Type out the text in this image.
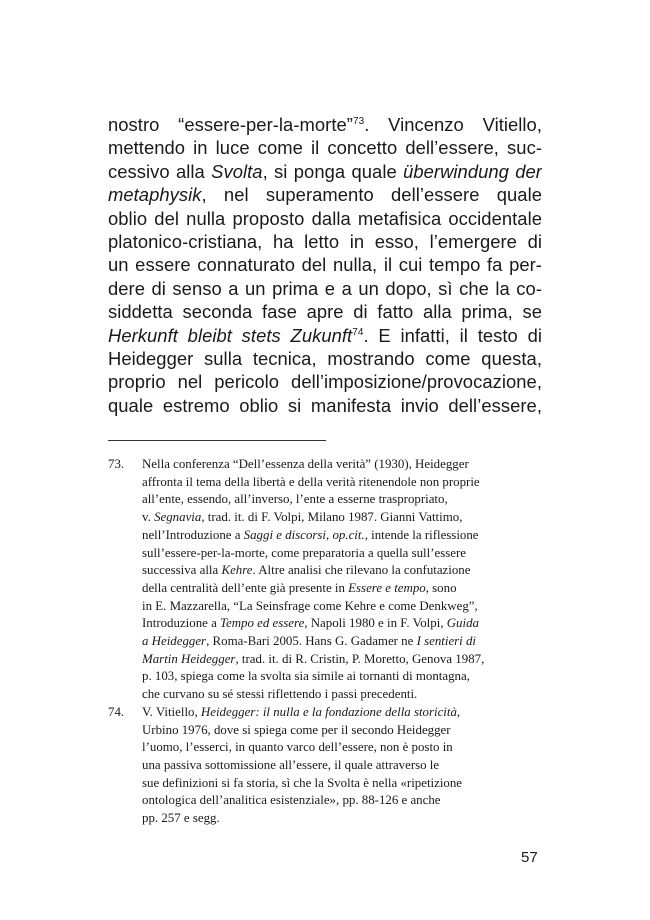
nostro “essere-per-la-morte”$^{73}$. Vincenzo Vitiello,
mettendo in luce come il concetto dell’essere, suc-
cessivo alla Svolta, si ponga quale überwindung der
metaphysik, nel superamento dell’essere quale
oblio del nulla proposto dalla metafisica occidentale
platonico-cristiana, ha letto in esso, l’emergere di
un essere connaturato del nulla, il cui tempo fa per-
dere di senso a un prima e a un dopo, sì che la co-
siddetta seconda fase apre di fatto alla prima, se
Herkunft bleibt stets Zukunft$^{74}$. E infatti, il testo di
Heidegger sulla tecnica, mostrando come questa,
proprio nel pericolo dell’imposizione/provocazione,
quale estremo oblio si manifesta invio dell’essere,
73. Nella conferenza “Dell’essenza della verità” (1930), Heidegger
affronta il tema della libertà e della verità ritenendole non proprie
all’ente, essendo, all’inverso, l’ente a esserne traspropriato,
v. Segnavia, trad. it. di F. Volpi, Milano 1987. Gianni Vattimo,
nell’Introduzione a Saggi e discorsi, op.cit., intende la riflessione
sull’essere-per-la-morte, come preparatoria a quella sull’essere
successiva alla Kehre. Altre analisi che rilevano la confutazione
della centralità dell’ente già presente in Essere e tempo, sono
in E. Mazzarella, “La Seinsfrage come Kehre e come Denkweg”,
Introduzione a Tempo ed essere, Napoli 1980 e in F. Volpi, Guida
a Heidegger, Roma-Bari 2005. Hans G. Gadamer ne I sentieri di
Martin Heidegger, trad. it. di R. Cristin, P. Moretto, Genova 1987,
p. 103, spiega come la svolta sia simile ai tornanti di montagna,
che curvano su sé stessi riflettendo i passi precedenti.
74. V. Vitiello, Heidegger: il nulla e la fondazione della storicità,
Urbino 1976, dove si spiega come per il secondo Heidegger
l’uomo, l’esserci, in quanto varco dell’essere, non è posto in
una passiva sottomissione all’essere, il quale attraverso le
sue definizioni si fa storia, sì che la Svolta è nella «ripetizione
ontologica dell’analitica esistenziale», pp. 88-126 e anche
pp. 257 e segg.
57
